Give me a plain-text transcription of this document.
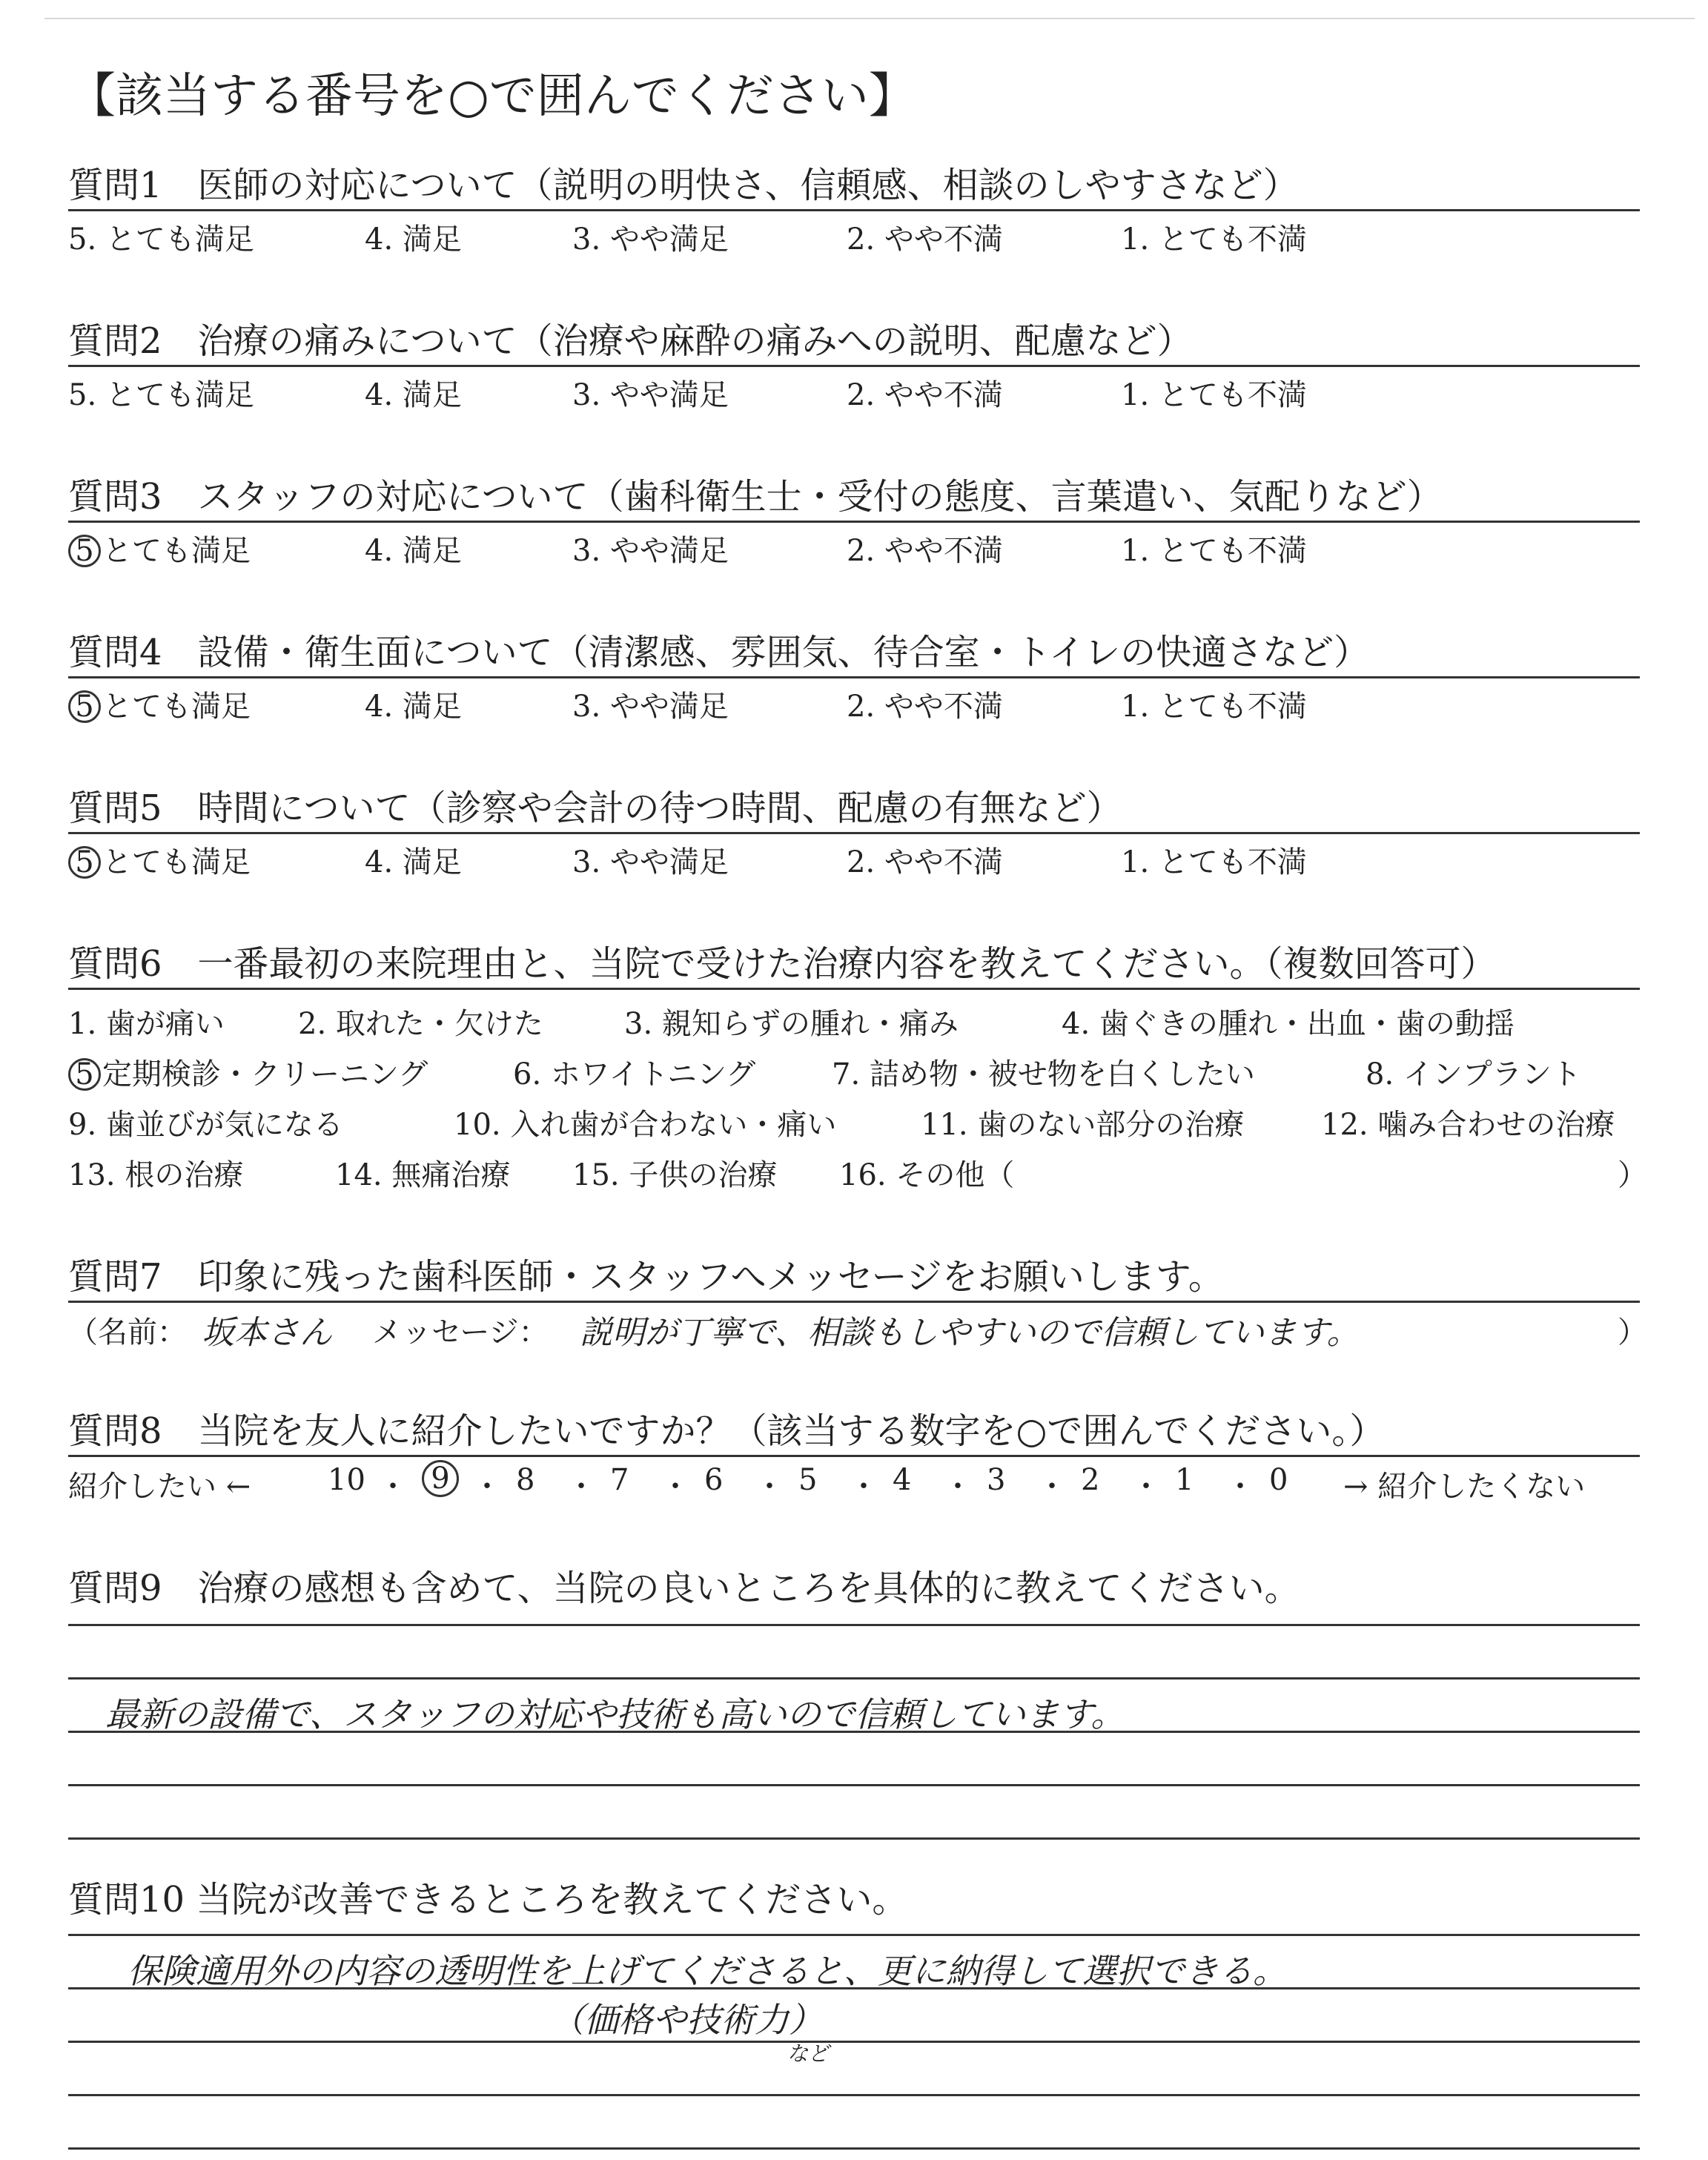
【該当する番号を○で囲んでください】
質問1　医師の対応について（説明の明快さ、信頼感、相談のしやすさなど）
5. とても満足	4. 満足	3. やや満足	2. やや不満	1. とても不満
質問2　治療の痛みについて（治療や麻酔の痛みへの説明、配慮など）
5. とても満足	4. 満足	3. やや満足	2. やや不満	1. とても不満
質問3　スタッフの対応について（歯科衛生士・受付の態度、言葉遣い、気配りなど）
5 とても満足	4. 満足	3. やや満足	2. やや不満	1. とても不満
質問4　設備・衛生面について（清潔感、雰囲気、待合室・トイレの快適さなど）
5 とても満足	4. 満足	3. やや満足	2. やや不満	1. とても不満
質問5　時間について（診察や会計の待つ時間、配慮の有無など）
5 とても満足	4. 満足	3. やや満足	2. やや不満	1. とても不満
質問6　一番最初の来院理由と、当院で受けた治療内容を教えてください。（複数回答可）
1. 歯が痛い 2. 取れた・欠けた	3. 親知らずの腫れ・痛み	4. 歯ぐきの腫れ・出血・歯の動揺
5 定期検診・クリーニング	6. ホワイトニング	7. 詰め物・被せ物を白くしたい	8. インプラント
9. 歯並びが気になる	10. 入れ歯が合わない・痛い	11. 歯のない部分の治療	12. 噛み合わせの治療
13. 根の治療	14. 無痛治療 15. 子供の治療 16. その他（	）
質問7　印象に残った歯科医師・スタッフへメッセージをお願いします。
（名前： 坂本さん メッセージ： 説明が丁寧で、相談もしやすいので信頼しています。	）
質問8　当院を友人に紹介したいですか？（該当する数字を○で囲んでください。）
紹介したい ←	→ 紹介したくない
10 ・ 9 ・ 8 ・ 7 ・ 6 ・ 5 ・ 4 ・ 3 ・ 2 ・ 1 ・ 0
質問9　治療の感想も含めて、当院の良いところを具体的に教えてください。
最新の設備で、スタッフの対応や技術も高いので信頼しています。
質問10 当院が改善できるところを教えてください。
保険適用外の内容の透明性を上げてくださると、更に納得して選択できる。
（価格や技術力）
など
